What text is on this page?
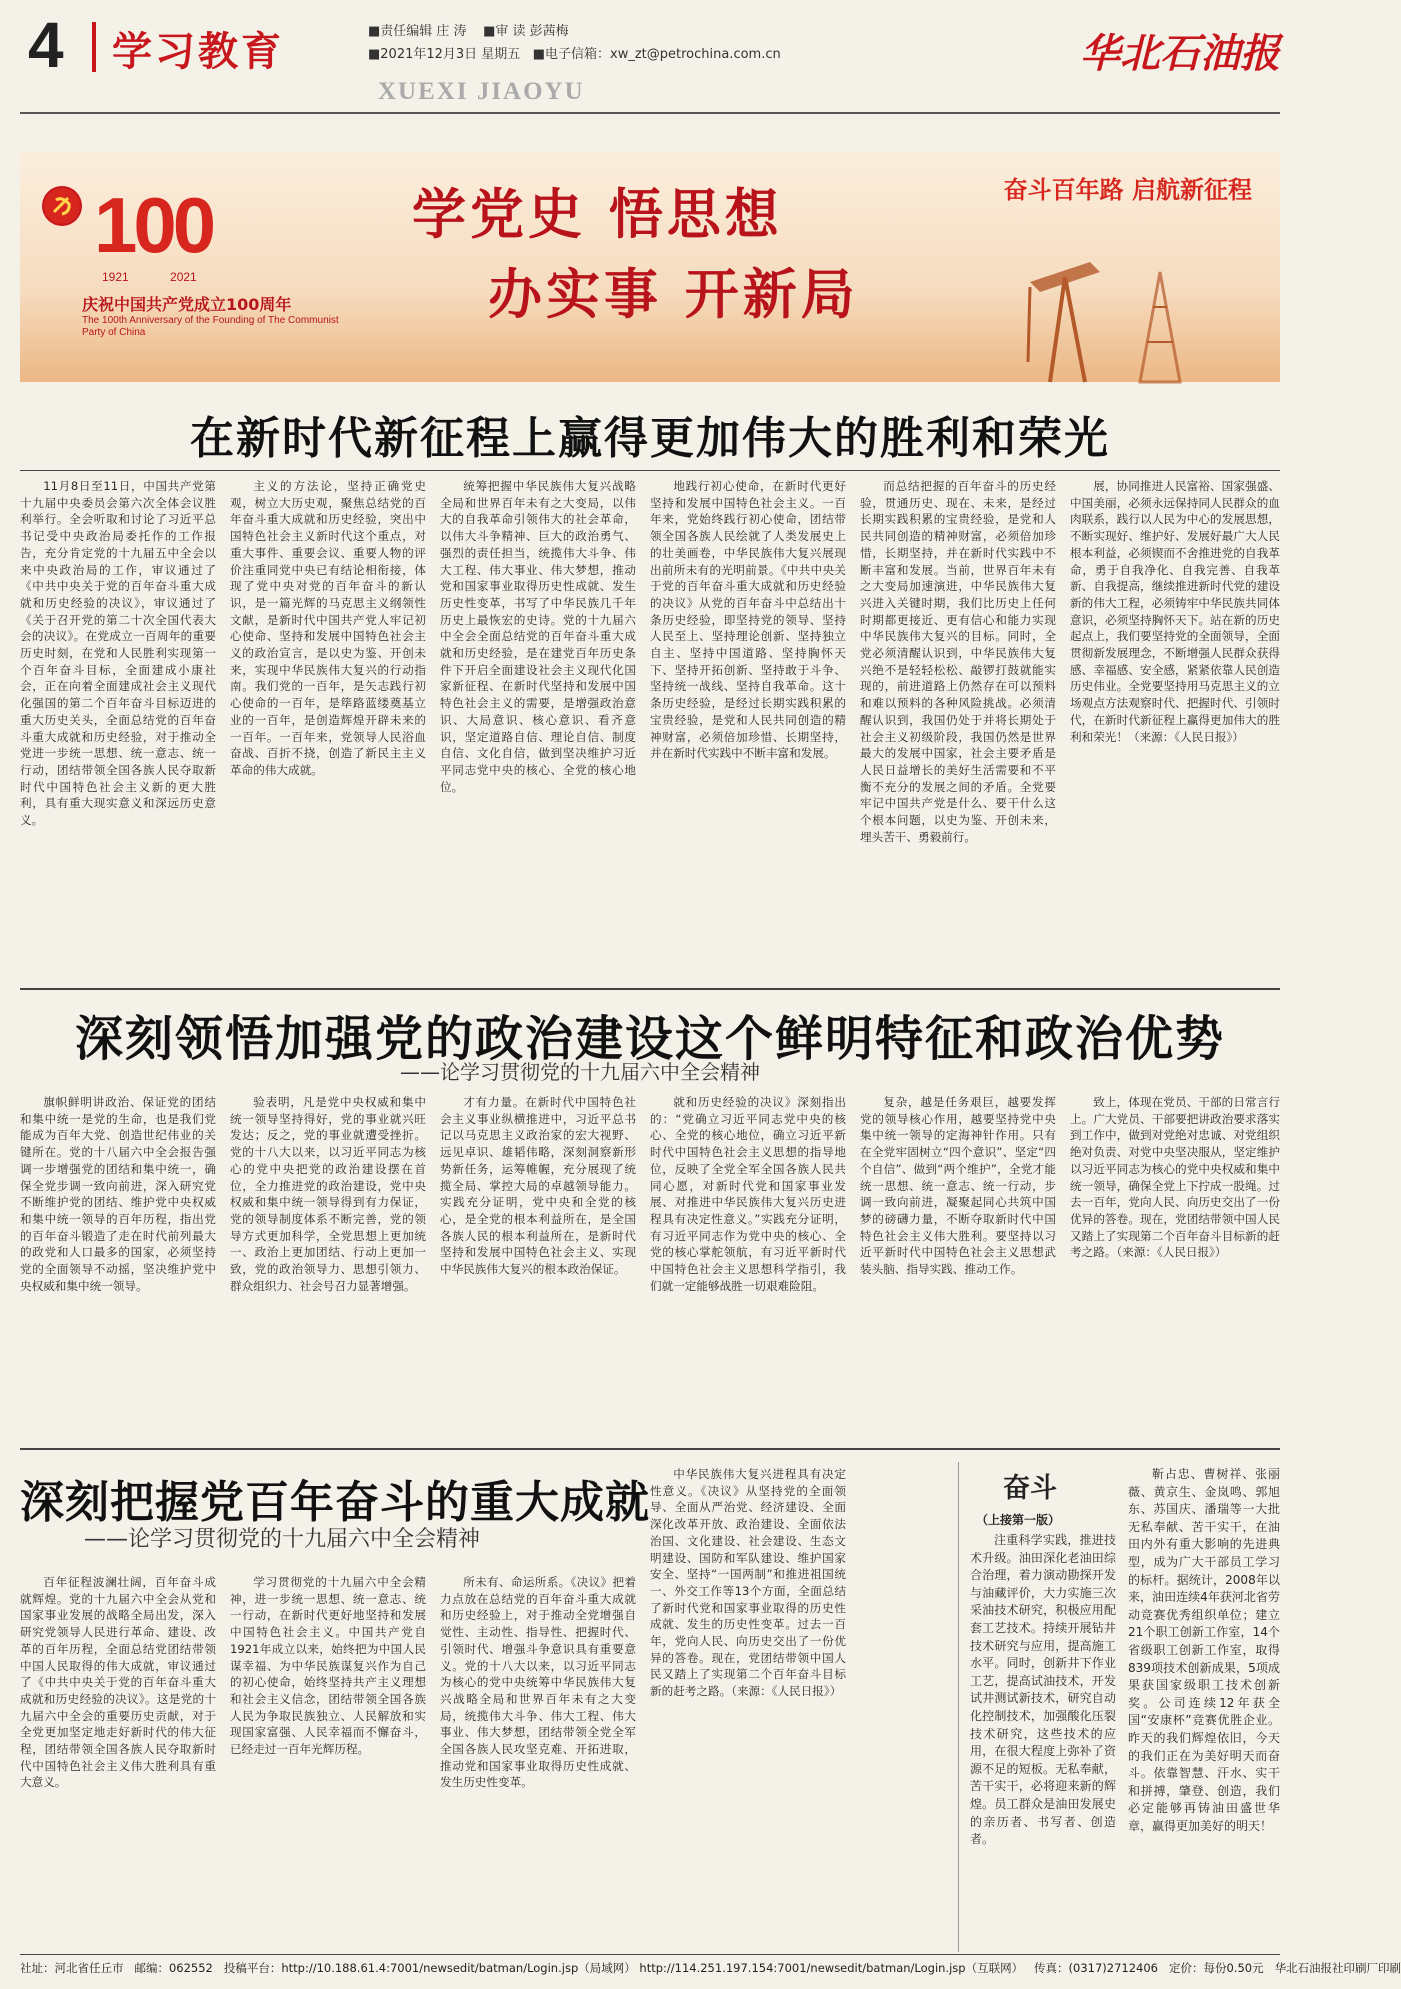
4 学习教育	■责任编辑 庄 涛 ■审 读 彭茜梅
■2021年12月3日 星期五 ■电子信箱：xw_zt@petrochina.com.cn
XUEXI JIAOYU
华北石油报
100
1921 2021
庆祝中国共产党成立100周年
The 100th Anniversary of the Founding of The Communist Party of China
学党史 悟思想
办实事 开新局
奋斗百年路 启航新征程
在新时代新征程上赢得更加伟大的胜利和荣光
11月8日至11日，中国共产党第十九届中央委员会第六次全体会议胜利举行。全会听取和讨论了习近平总书记受中央政治局委托作的工作报告，充分肯定党的十九届五中全会以来中央政治局的工作，审议通过了《中共中央关于党的百年奋斗重大成就和历史经验的决议》，审议通过了《关于召开党的第二十次全国代表大会的决议》。在党成立一百周年的重要历史时刻，在党和人民胜利实现第一个百年奋斗目标，全面建成小康社会，正在向着全面建成社会主义现代化强国的第二个百年奋斗目标迈进的重大历史关头，全面总结党的百年奋斗重大成就和历史经验，对于推动全党进一步统一思想、统一意志、统一行动，团结带领全国各族人民夺取新时代中国特色社会主义新的更大胜利，具有重大现实意义和深远历史意义。
主义的方法论，坚持正确党史观，树立大历史观，聚焦总结党的百年奋斗重大成就和历史经验，突出中国特色社会主义新时代这个重点，对重大事件、重要会议、重要人物的评价注重同党中央已有结论相衔接，体现了党中央对党的百年奋斗的新认识，是一篇光辉的马克思主义纲领性文献，是新时代中国共产党人牢记初心使命、坚持和发展中国特色社会主义的政治宣言，是以史为鉴、开创未来，实现中华民族伟大复兴的行动指南。我们党的一百年，是矢志践行初心使命的一百年，是筚路蓝缕奠基立业的一百年，是创造辉煌开辟未来的一百年。一百年来，党领导人民浴血奋战、百折不挠，创造了新民主主义革命的伟大成就。
统筹把握中华民族伟大复兴战略全局和世界百年未有之大变局，以伟大的自我革命引领伟大的社会革命，以伟大斗争精神、巨大的政治勇气、强烈的责任担当，统揽伟大斗争、伟大工程、伟大事业、伟大梦想，推动党和国家事业取得历史性成就、发生历史性变革，书写了中华民族几千年历史上最恢宏的史诗。党的十九届六中全会全面总结党的百年奋斗重大成就和历史经验，是在建党百年历史条件下开启全面建设社会主义现代化国家新征程、在新时代坚持和发展中国特色社会主义的需要，是增强政治意识、大局意识、核心意识、看齐意识，坚定道路自信、理论自信、制度自信、文化自信，做到坚决维护习近平同志党中央的核心、全党的核心地位。
地践行初心使命，在新时代更好坚持和发展中国特色社会主义。一百年来，党始终践行初心使命，团结带领全国各族人民绘就了人类发展史上的壮美画卷，中华民族伟大复兴展现出前所未有的光明前景。《中共中央关于党的百年奋斗重大成就和历史经验的决议》从党的百年奋斗中总结出十条历史经验，即坚持党的领导、坚持人民至上、坚持理论创新、坚持独立自主、坚持中国道路、坚持胸怀天下、坚持开拓创新、坚持敢于斗争、坚持统一战线、坚持自我革命。这十条历史经验，是经过长期实践积累的宝贵经验，是党和人民共同创造的精神财富，必须倍加珍惜、长期坚持，并在新时代实践中不断丰富和发展。
而总结把握的百年奋斗的历史经验，贯通历史、现在、未来，是经过长期实践积累的宝贵经验，是党和人民共同创造的精神财富，必须倍加珍惜，长期坚持，并在新时代实践中不断丰富和发展。当前，世界百年未有之大变局加速演进，中华民族伟大复兴进入关键时期，我们比历史上任何时期都更接近、更有信心和能力实现中华民族伟大复兴的目标。同时，全党必须清醒认识到，中华民族伟大复兴绝不是轻轻松松、敲锣打鼓就能实现的，前进道路上仍然存在可以预料和难以预料的各种风险挑战。必须清醒认识到，我国仍处于并将长期处于社会主义初级阶段，我国仍然是世界最大的发展中国家，社会主要矛盾是人民日益增长的美好生活需要和不平衡不充分的发展之间的矛盾。全党要牢记中国共产党是什么、要干什么这个根本问题，以史为鉴、开创未来，埋头苦干、勇毅前行。
展，协同推进人民富裕、国家强盛、中国美丽，必须永远保持同人民群众的血肉联系，践行以人民为中心的发展思想，不断实现好、维护好、发展好最广大人民根本利益，必须锲而不舍推进党的自我革命，勇于自我净化、自我完善、自我革新、自我提高，继续推进新时代党的建设新的伟大工程，必须铸牢中华民族共同体意识，必须坚持胸怀天下。站在新的历史起点上，我们要坚持党的全面领导，全面贯彻新发展理念，不断增强人民群众获得感、幸福感、安全感，紧紧依靠人民创造历史伟业。全党要坚持用马克思主义的立场观点方法观察时代、把握时代、引领时代，在新时代新征程上赢得更加伟大的胜利和荣光！（来源：《人民日报》）
深刻领悟加强党的政治建设这个鲜明特征和政治优势
——论学习贯彻党的十九届六中全会精神
旗帜鲜明讲政治、保证党的团结和集中统一是党的生命，也是我们党能成为百年大党、创造世纪伟业的关键所在。党的十八届六中全会报告强调一步增强党的团结和集中统一，确保全党步调一致向前进，深入研究党不断维护党的团结、维护党中央权威和集中统一领导的百年历程，指出党的百年奋斗锻造了走在时代前列最大的政党和人口最多的国家，必须坚持党的全面领导不动摇，坚决维护党中央权威和集中统一领导。
验表明，凡是党中央权威和集中统一领导坚持得好，党的事业就兴旺发达；反之，党的事业就遭受挫折。党的十八大以来，以习近平同志为核心的党中央把党的政治建设摆在首位，全力推进党的政治建设，党中央权威和集中统一领导得到有力保证，党的领导制度体系不断完善，党的领导方式更加科学，全党思想上更加统一、政治上更加团结、行动上更加一致，党的政治领导力、思想引领力、群众组织力、社会号召力显著增强。
才有力量。在新时代中国特色社会主义事业纵横推进中，习近平总书记以马克思主义政治家的宏大视野、远见卓识、雄韬伟略，深刻洞察新形势新任务，运筹帷幄，充分展现了统揽全局、掌控大局的卓越领导能力。实践充分证明，党中央和全党的核心，是全党的根本利益所在，是全国各族人民的根本利益所在，是新时代坚持和发展中国特色社会主义、实现中华民族伟大复兴的根本政治保证。
就和历史经验的决议》深刻指出的：“党确立习近平同志党中央的核心、全党的核心地位，确立习近平新时代中国特色社会主义思想的指导地位，反映了全党全军全国各族人民共同心愿，对新时代党和国家事业发展、对推进中华民族伟大复兴历史进程具有决定性意义。”实践充分证明，有习近平同志作为党中央的核心、全党的核心掌舵领航，有习近平新时代中国特色社会主义思想科学指引，我们就一定能够战胜一切艰难险阻。
复杂，越是任务艰巨，越要发挥党的领导核心作用，越要坚持党中央集中统一领导的定海神针作用。只有在全党牢固树立“四个意识”、坚定“四个自信”、做到“两个维护”，全党才能统一思想、统一意志、统一行动，步调一致向前进，凝聚起同心共筑中国梦的磅礴力量，不断夺取新时代中国特色社会主义伟大胜利。要坚持以习近平新时代中国特色社会主义思想武装头脑、指导实践、推动工作。
致上，体现在党员、干部的日常言行上。广大党员、干部要把讲政治要求落实到工作中，做到对党绝对忠诚、对党组织绝对负责、对党中央坚决服从，坚定维护以习近平同志为核心的党中央权威和集中统一领导，确保全党上下拧成一股绳。过去一百年，党向人民、向历史交出了一份优异的答卷。现在，党团结带领中国人民又踏上了实现第二个百年奋斗目标新的赶考之路。（来源：《人民日报》）
深刻把握党百年奋斗的重大成就
——论学习贯彻党的十九届六中全会精神
百年征程波澜壮阔，百年奋斗成就辉煌。党的十九届六中全会从党和国家事业发展的战略全局出发，深入研究党领导人民进行革命、建设、改革的百年历程，全面总结党团结带领中国人民取得的伟大成就，审议通过了《中共中央关于党的百年奋斗重大成就和历史经验的决议》。这是党的十九届六中全会的重要历史贡献，对于全党更加坚定地走好新时代的伟大征程，团结带领全国各族人民夺取新时代中国特色社会主义伟大胜利具有重大意义。
学习贯彻党的十九届六中全会精神，进一步统一思想、统一意志、统一行动，在新时代更好地坚持和发展中国特色社会主义。中国共产党自1921年成立以来，始终把为中国人民谋幸福、为中华民族谋复兴作为自己的初心使命，始终坚持共产主义理想和社会主义信念，团结带领全国各族人民为争取民族独立、人民解放和实现国家富强、人民幸福而不懈奋斗，已经走过一百年光辉历程。
所未有、命运所系。《决议》把着力点放在总结党的百年奋斗重大成就和历史经验上，对于推动全党增强自觉性、主动性、指导性、把握时代、引领时代、增强斗争意识具有重要意义。党的十八大以来，以习近平同志为核心的党中央统筹中华民族伟大复兴战略全局和世界百年未有之大变局，统揽伟大斗争、伟大工程、伟大事业、伟大梦想，团结带领全党全军全国各族人民攻坚克难、开拓进取，推动党和国家事业取得历史性成就、发生历史性变革。
中华民族伟大复兴进程具有决定性意义。《决议》从坚持党的全面领导、全面从严治党、经济建设、全面深化改革开放、政治建设、全面依法治国、文化建设、社会建设、生态文明建设、国防和军队建设、维护国家安全、坚持“一国两制”和推进祖国统一、外交工作等13个方面，全面总结了新时代党和国家事业取得的历史性成就、发生的历史性变革。过去一百年，党向人民、向历史交出了一份优异的答卷。现在，党团结带领中国人民又踏上了实现第二个百年奋斗目标新的赶考之路。（来源：《人民日报》）
奋斗
（上接第一版）
注重科学实践，推进技术升级。油田深化老油田综合治理，着力演动勘探开发与油藏评价，大力实施三次采油技术研究，积极应用配套工艺技术。持续开展钻井技术研究与应用，提高施工水平。同时，创新井下作业工艺，提高试油技术，开发试井测试新技术，研究自动化控制技术，加强酸化压裂技术研究，这些技术的应用，在很大程度上弥补了资源不足的短板。无私奉献，苦干实干，必将迎来新的辉煌。员工群众是油田发展史的亲历者、书写者、创造者。
靳占忠、曹树祥、张丽薇、黄京生、金岚鸣、郭旭东、苏国庆、潘瑞等一大批无私奉献、苦干实干，在油田内外有重大影响的先进典型，成为广大干部员工学习的标杆。据统计，2008年以来，油田连续4年获河北省劳动竞赛优秀组织单位；建立21个职工创新工作室，14个省级职工创新工作室，取得839项技术创新成果，5项成果获国家级职工技术创新奖。公司连续12年获全国“安康杯”竞赛优胜企业。昨天的我们辉煌依旧，今天的我们正在为美好明天而奋斗。依靠智慧、汗水、实干和拼搏，肇登、创造，我们必定能够再铸油田盛世华章，赢得更加美好的明天！
社址：河北省任丘市 邮编：062552 投稿平台：http://10.188.61.4:7001/newsedit/batman/Login.jsp（局域网） http://114.251.197.154:7001/newsedit/batman/Login.jsp（互联网） 传真：(0317)2712406 定价：每份0.50元 华北石油报社印刷厂印刷
